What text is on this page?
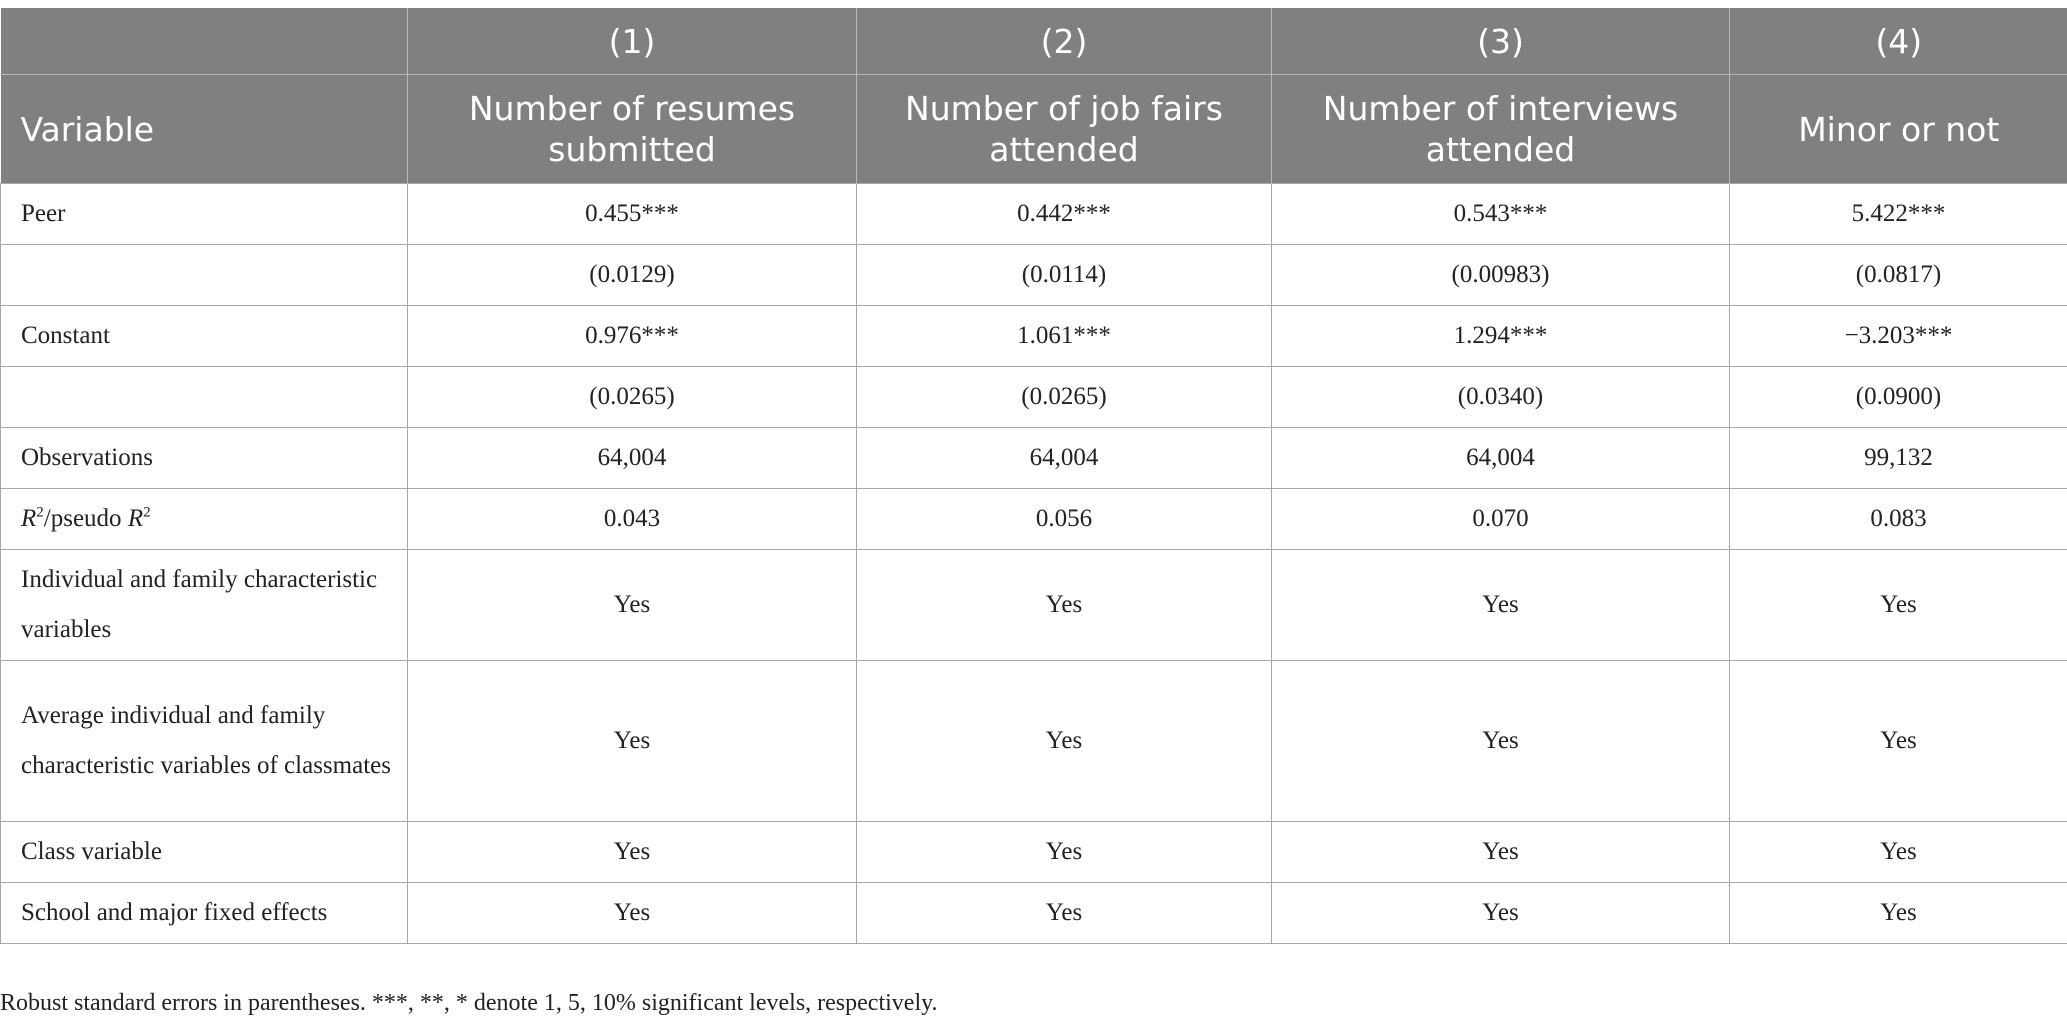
	(1)	(2)	(3)	(4)
Variable	Number of resumes submitted	Number of job fairs attended	Number of interviews attended	Minor or not
Peer	0.455***	0.442***	0.543***	5.422***
	(0.0129)	(0.0114)	(0.00983)	(0.0817)
Constant	0.976***	1.061***	1.294***	−3.203***
	(0.0265)	(0.0265)	(0.0340)	(0.0900)
Observations	64,004	64,004	64,004	99,132
$R^2$/pseudo $R^2$	0.043	0.056	0.070	0.083
Individual and family characteristic variables	Yes	Yes	Yes	Yes
Average individual and family characteristic variables of classmates	Yes	Yes	Yes	Yes
Class variable	Yes	Yes	Yes	Yes
School and major fixed effects	Yes	Yes	Yes	Yes
Robust standard errors in parentheses. ***, **, * denote 1, 5, 10% significant levels, respectively.
